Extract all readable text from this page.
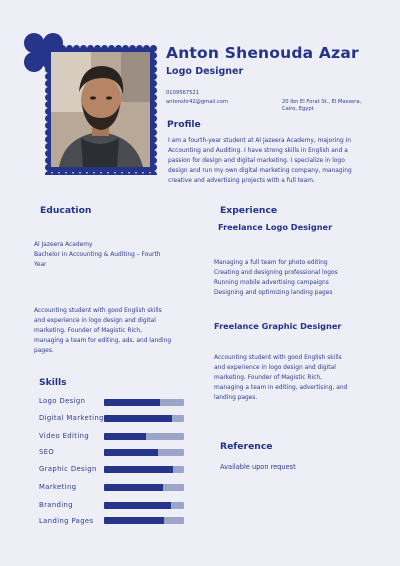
Anton Shenouda Azar
Logo Designer
0109567521
antonshr42@gmail.com	20 Ibn El Forat St., El Massera,
Cairo, Egypt
Profile
I am a fourth-year student at Al Jazeera Academy, majoring in
Accounting and Auditing. I have strong skills in English and a
passion for design and digital marketing. I specialize in logo
design and run my own digital marketing company, managing
creative and advertising projects with a full team.
Education
Al Jazeera Academy
Bachelor in Accounting & Auditing – Fourth
Year
Accounting student with good English skills
and experience in logo design and digital
marketing. Founder of Magistic Rich,
managing a team for editing, ads, and landing
pages.
Experience
Freelance Logo Designer
Managing a full team for photo editing
Creating and designing professional logos
Running mobile advertising campaigns
Designing and optimizing landing pages
Freelance Graphic Designer
Accounting student with good English skills
and experience in logo design and digital
marketing. Founder of Magistic Rich,
managing a team in editing, advertising, and
landing pages.
Skills
Logo Design
Digital Marketing
Video Editing
SEO
Graphic Design
Marketing
Branding
Landing Pages
Reference
Available upon request
